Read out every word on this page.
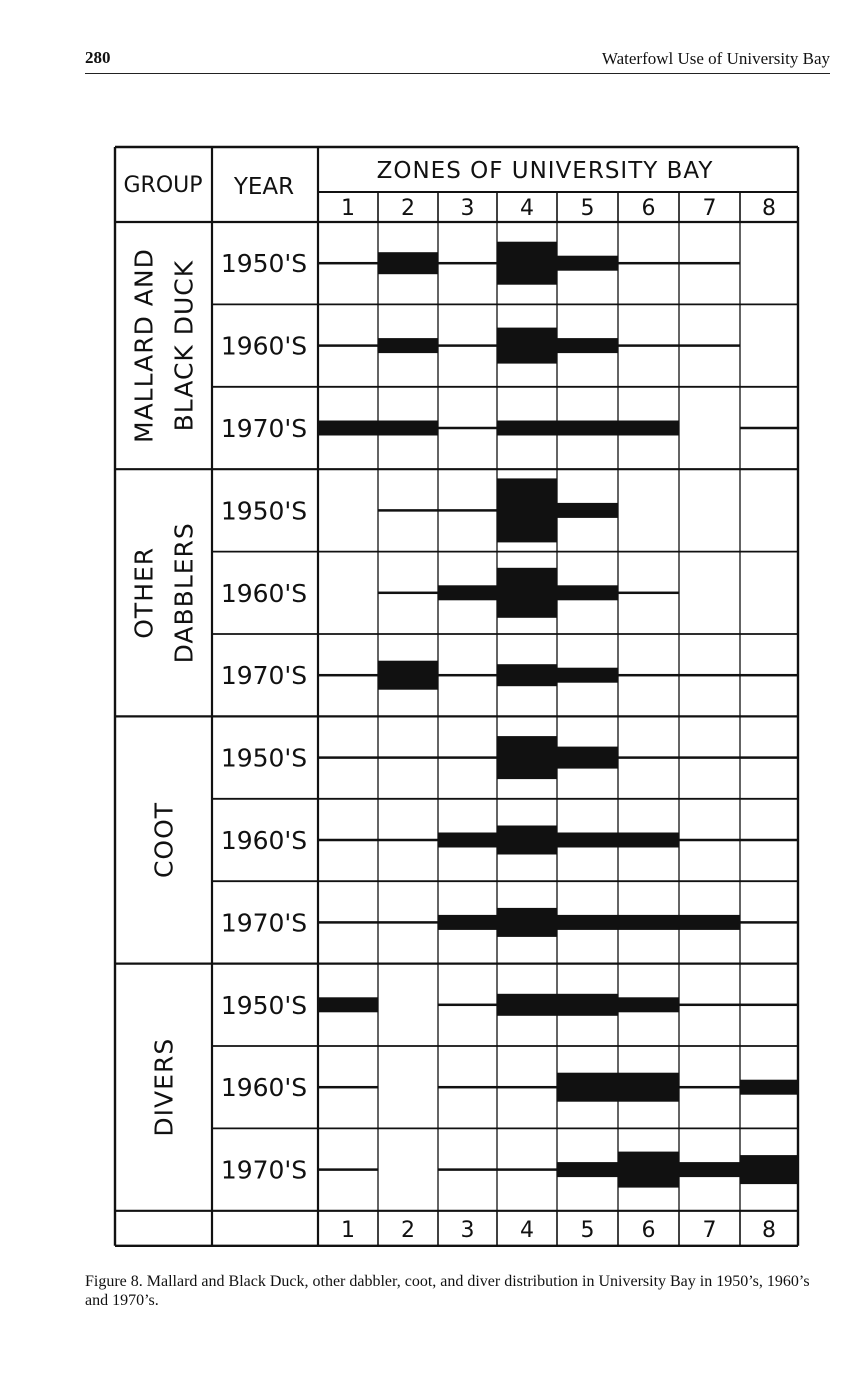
280	Waterfowl Use of University Bay
GROUP YEAR
ZONES OF UNIVERSITY BAY
1 2 3 4 5 6 7 8
1 2 3 4 5 6 7 8
MALLARD AND BLACK DUCK
OTHER DABBLERS
COOT
DIVERS
1950'S
1960'S
1970'S
1950'S
1960'S
1970'S
1950'S
1960'S
1970'S
1950'S
1960'S
1970'S
Figure 8. Mallard and Black Duck, other dabbler, coot, and diver distribution in University Bay in 1950’s, 1960’s and 1970’s.
